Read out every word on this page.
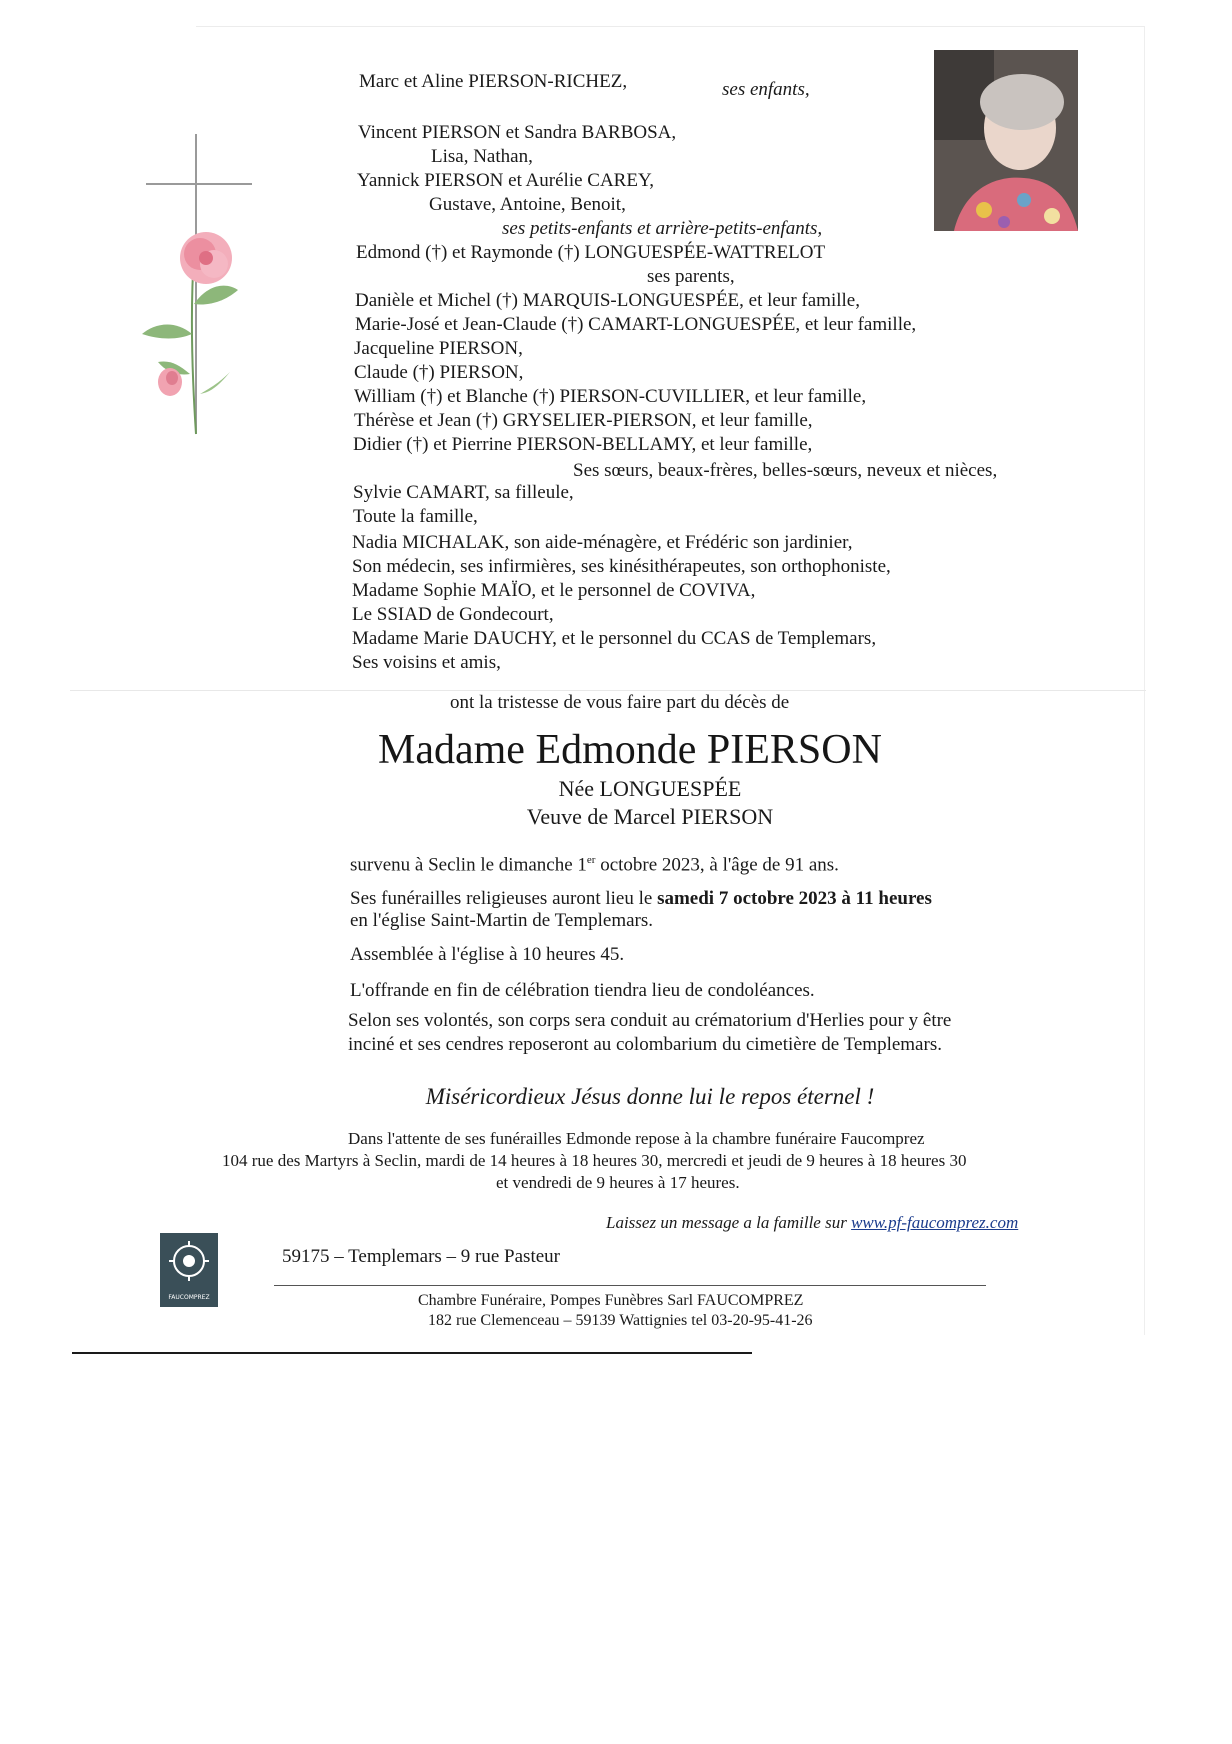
Marc et Aline PIERSON-RICHEZ,	ses enfants,
Vincent PIERSON et Sandra BARBOSA,
Lisa, Nathan,
Yannick PIERSON et Aurélie CAREY,
Gustave, Antoine, Benoit,
ses petits-enfants et arrière-petits-enfants,
Edmond (†) et Raymonde (†) LONGUESPÉE-WATTRELOT
ses parents,
Danièle et Michel (†) MARQUIS-LONGUESPÉE, et leur famille,
Marie-José et Jean-Claude (†) CAMART-LONGUESPÉE, et leur famille,
Jacqueline PIERSON,
Claude (†) PIERSON,
William (†) et Blanche (†) PIERSON-CUVILLIER, et leur famille,
Thérèse et Jean (†) GRYSELIER-PIERSON, et leur famille,
Didier (†) et Pierrine PIERSON-BELLAMY, et leur famille,
Ses sœurs, beaux-frères, belles-sœurs, neveux et nièces,
Sylvie CAMART, sa filleule,
Toute la famille,
Nadia MICHALAK, son aide-ménagère, et Frédéric son jardinier,
Son médecin, ses infirmières, ses kinésithérapeutes, son orthophoniste,
Madame Sophie MAÏO, et le personnel de COVIVA,
Le SSIAD de Gondecourt,
Madame Marie DAUCHY, et le personnel du CCAS de Templemars,
Ses voisins et amis,
ont la tristesse de vous faire part du décès de
Madame Edmonde PIERSON
Née LONGUESPÉE
Veuve de Marcel PIERSON
survenu à Seclin le dimanche 1er octobre 2023, à l'âge de 91 ans.
Ses funérailles religieuses auront lieu le samedi 7 octobre 2023 à 11 heures
en l'église Saint-Martin de Templemars.
Assemblée à l'église à 10 heures 45.
L'offrande en fin de célébration tiendra lieu de condoléances.
Selon ses volontés, son corps sera conduit au crématorium d'Herlies pour y être
inciné et ses cendres reposeront au colombarium du cimetière de Templemars.
Miséricordieux Jésus donne lui le repos éternel !
Dans l'attente de ses funérailles Edmonde repose à la chambre funéraire Faucomprez
104 rue des Martyrs à Seclin, mardi de 14 heures à 18 heures 30, mercredi et jeudi de 9 heures à 18 heures 30
et vendredi de 9 heures à 17 heures.
Laissez un message a la famille sur www.pf-faucomprez.com
FAUCOMPREZ
59175 – Templemars – 9 rue Pasteur
Chambre Funéraire, Pompes Funèbres Sarl FAUCOMPREZ
182 rue Clemenceau – 59139 Wattignies tel 03-20-95-41-26
